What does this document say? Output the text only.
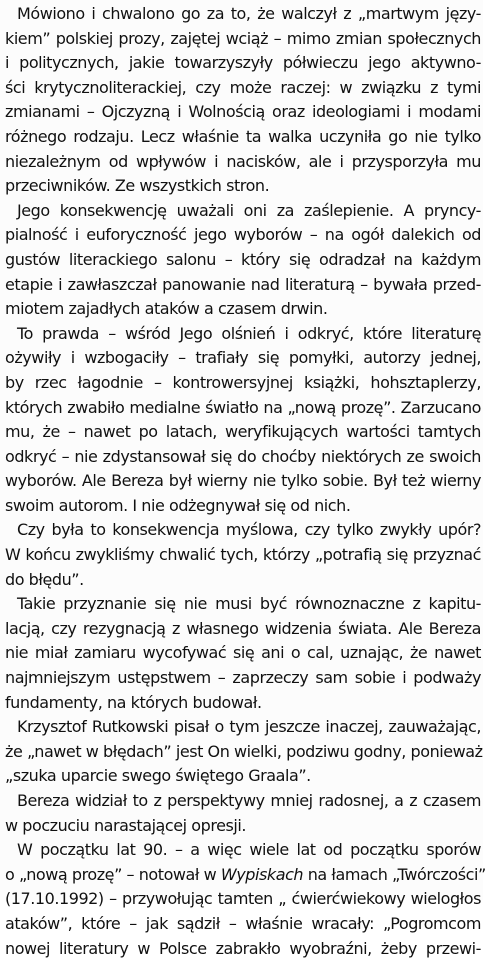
Mówiono i chwalono go za to, że walczył z „martwym języ-
kiem” polskiej prozy, zajętej wciąż – mimo zmian społecznych
i politycznych, jakie towarzyszyły półwieczu jego aktywno-
ści krytycznoliterackiej, czy może raczej: w związku z tymi
zmianami – Ojczyzną i Wolnością oraz ideologiami i modami
różnego rodzaju. Lecz właśnie ta walka uczyniła go nie tylko
niezależnym od wpływów i nacisków, ale i przysporzyła mu
przeciwników. Ze wszystkich stron.
Jego konsekwencję uważali oni za zaślepienie. A pryncy-
pialność i euforyczność jego wyborów – na ogół dalekich od
gustów literackiego salonu – który się odradzał na każdym
etapie i zawłaszczał panowanie nad literaturą – bywała przed-
miotem zajadłych ataków a czasem drwin.
To prawda – wśród Jego olśnień i odkryć, które literaturę
ożywiły i wzbogaciły – trafiały się pomyłki, autorzy jednej,
by rzec łagodnie – kontrowersyjnej książki, hohsztaplerzy,
których zwabiło medialne światło na „nową prozę”. Zarzucano
mu, że – nawet po latach, weryfikujących wartości tamtych
odkryć – nie zdystansował się do choćby niektórych ze swoich
wyborów. Ale Bereza był wierny nie tylko sobie. Był też wierny
swoim autorom. I nie odżegnywał się od nich.
Czy była to konsekwencja myślowa, czy tylko zwykły upór?
W końcu zwykliśmy chwalić tych, którzy „potrafią się przyznać
do błędu”.
Takie przyznanie się nie musi być równoznaczne z kapitu-
lacją, czy rezygnacją z własnego widzenia świata. Ale Bereza
nie miał zamiaru wycofywać się ani o cal, uznając, że nawet
najmniejszym ustępstwem – zaprzeczy sam sobie i podważy
fundamenty, na których budował.
Krzysztof Rutkowski pisał o tym jeszcze inaczej, zauważając,
że „nawet w błędach” jest On wielki, podziwu godny, ponieważ
„szuka uparcie swego świętego Graala”.
Bereza widział to z perspektywy mniej radosnej, a z czasem
w poczuciu narastającej opresji.
W początku lat 90. – a więc wiele lat od początku sporów
o „nową prozę” – notował w Wypiskach na łamach „Twórczości”
(17.10.1992) – przywołując tamten „ ćwierćwiekowy wielogłos
ataków”, które – jak sądził – właśnie wracały: „Pogromcom
nowej literatury w Polsce zabrakło wyobraźni, żeby przewi-
